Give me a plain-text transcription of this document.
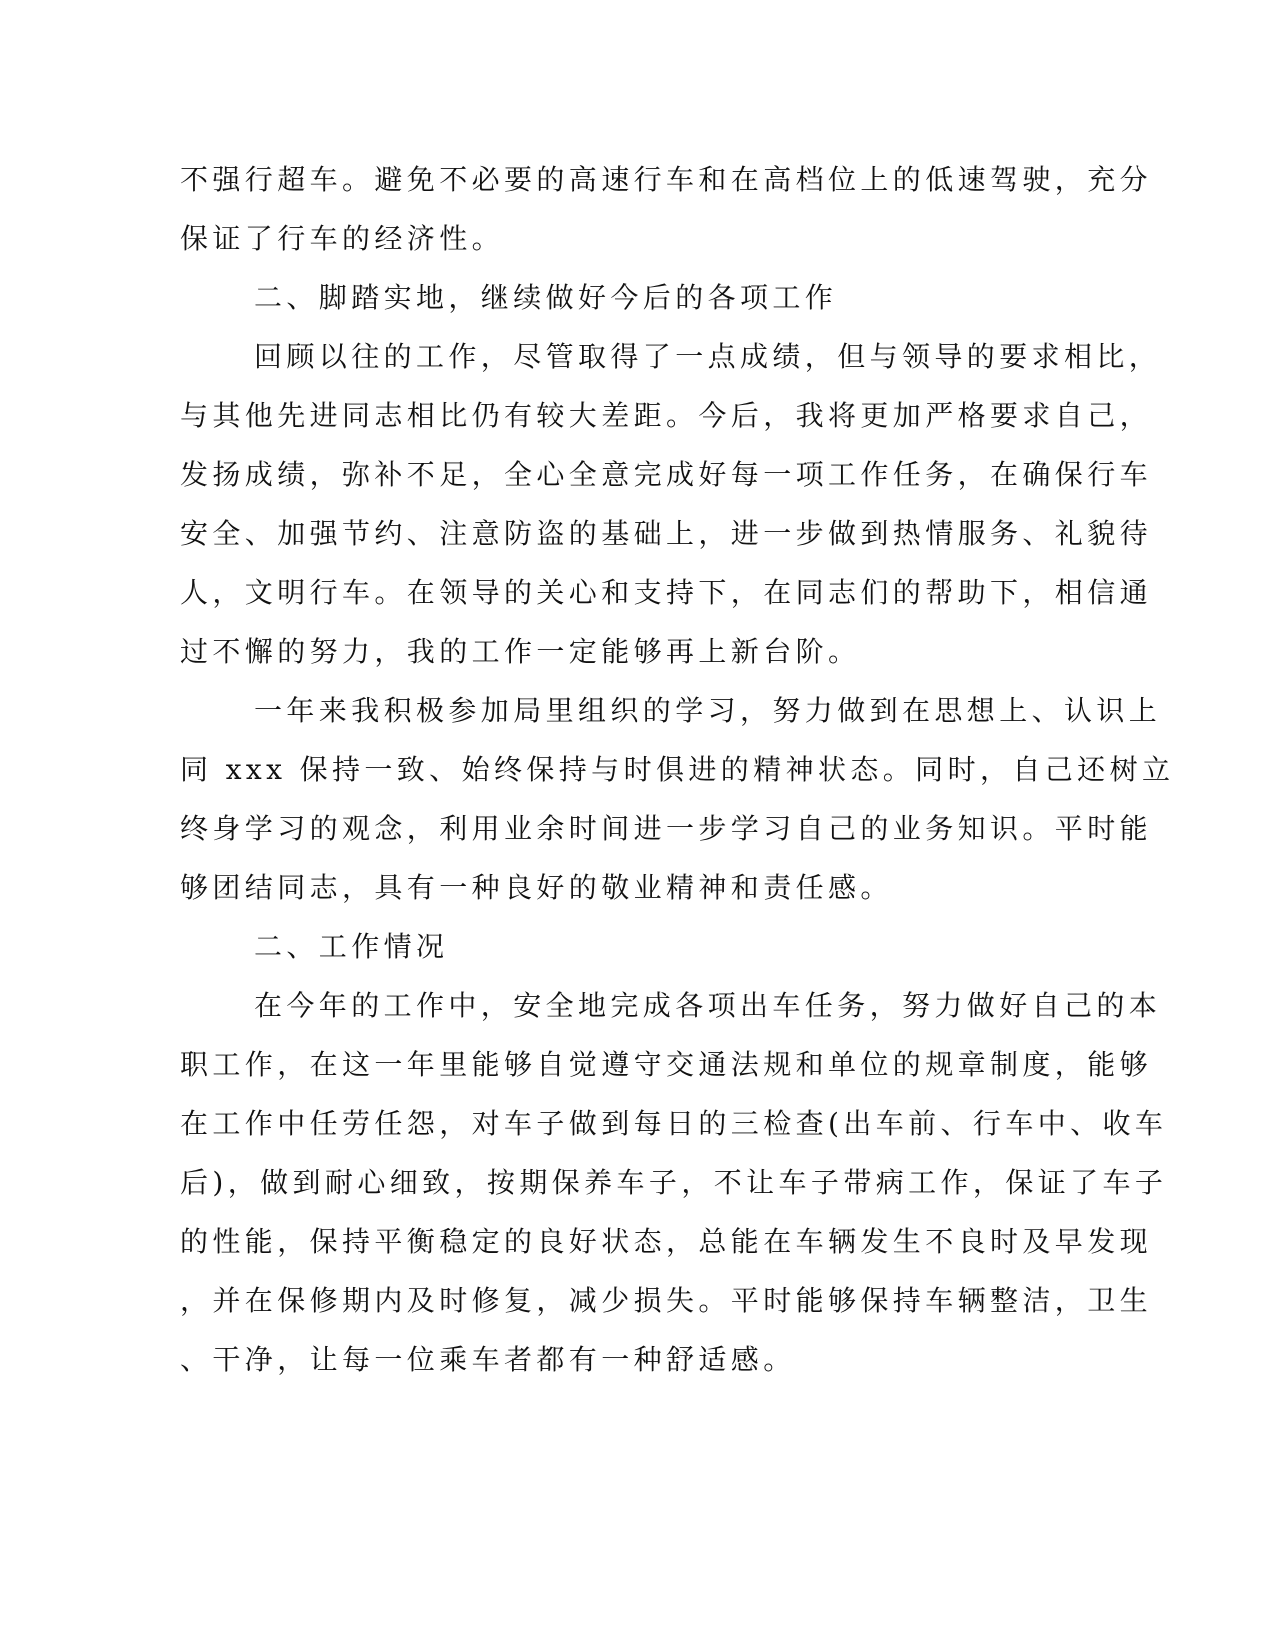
不强行超车。避免不必要的高速行车和在高档位上的低速驾驶，充分
保证了行车的经济性。
二、脚踏实地，继续做好今后的各项工作
回顾以往的工作，尽管取得了一点成绩，但与领导的要求相比，
与其他先进同志相比仍有较大差距。今后，我将更加严格要求自己，
发扬成绩，弥补不足，全心全意完成好每一项工作任务，在确保行车
安全、加强节约、注意防盗的基础上，进一步做到热情服务、礼貌待
人，文明行车。在领导的关心和支持下，在同志们的帮助下，相信通
过不懈的努力，我的工作一定能够再上新台阶。
一年来我积极参加局里组织的学习，努力做到在思想上、认识上
同 xxx 保持一致、始终保持与时俱进的精神状态。同时，自己还树立
终身学习的观念，利用业余时间进一步学习自己的业务知识。平时能
够团结同志，具有一种良好的敬业精神和责任感。
二、工作情况
在今年的工作中，安全地完成各项出车任务，努力做好自己的本
职工作，在这一年里能够自觉遵守交通法规和单位的规章制度，能够
在工作中任劳任怨，对车子做到每日的三检查(出车前、行车中、收车
后)，做到耐心细致，按期保养车子，不让车子带病工作，保证了车子
的性能，保持平衡稳定的良好状态，总能在车辆发生不良时及早发现
，并在保修期内及时修复，减少损失。平时能够保持车辆整洁，卫生
、干净，让每一位乘车者都有一种舒适感。
